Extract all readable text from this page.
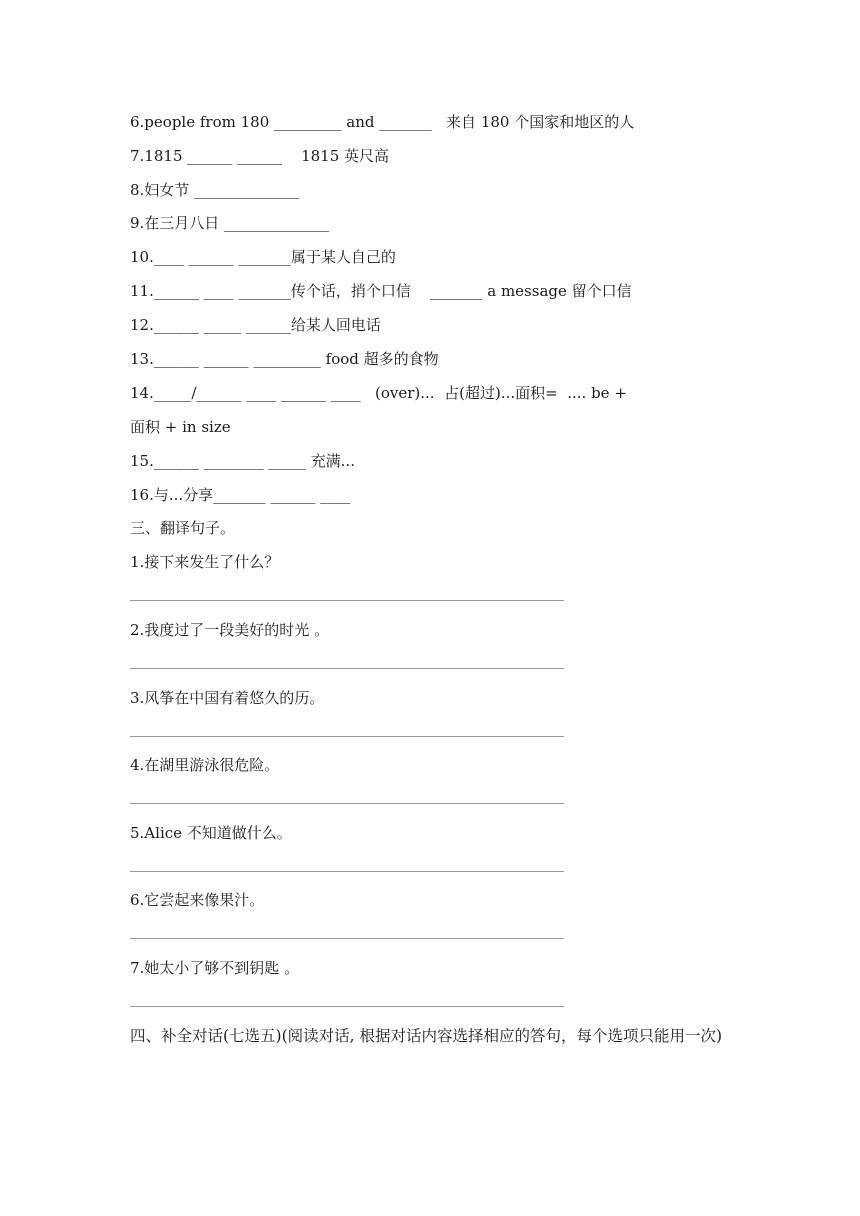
6.people from 180 _________ and _______   来自 180 个国家和地区的人
7.1815 ______ ______    1815 英尺高
8.妇女节 ______________
9.在三月八日 ______________
10.____ ______ _______属于某人自己的
11.______ ____ _______传个话，捎个口信    _______ a message 留个口信
12.______ _____ ______给某人回电话
13.______ ______ _________ food 超多的食物
14._____/______ ____ ______ ____   (over)...  占(超过)...面积=  .... be +
面积 + in size
15.______ ________ _____ 充满...
16.与...分享_______ ______ ____
三、翻译句子。
1.接下来发生了什么？
2.我度过了一段美好的时光 。
3.风筝在中国有着悠久的历。
4.在湖里游泳很危险。
5.Alice 不知道做什么。
6.它尝起来像果汁。
7.她太小了够不到钥匙 。
四、补全对话(七选五)(阅读对话, 根据对话内容选择相应的答句，每个选项只能用一次)
